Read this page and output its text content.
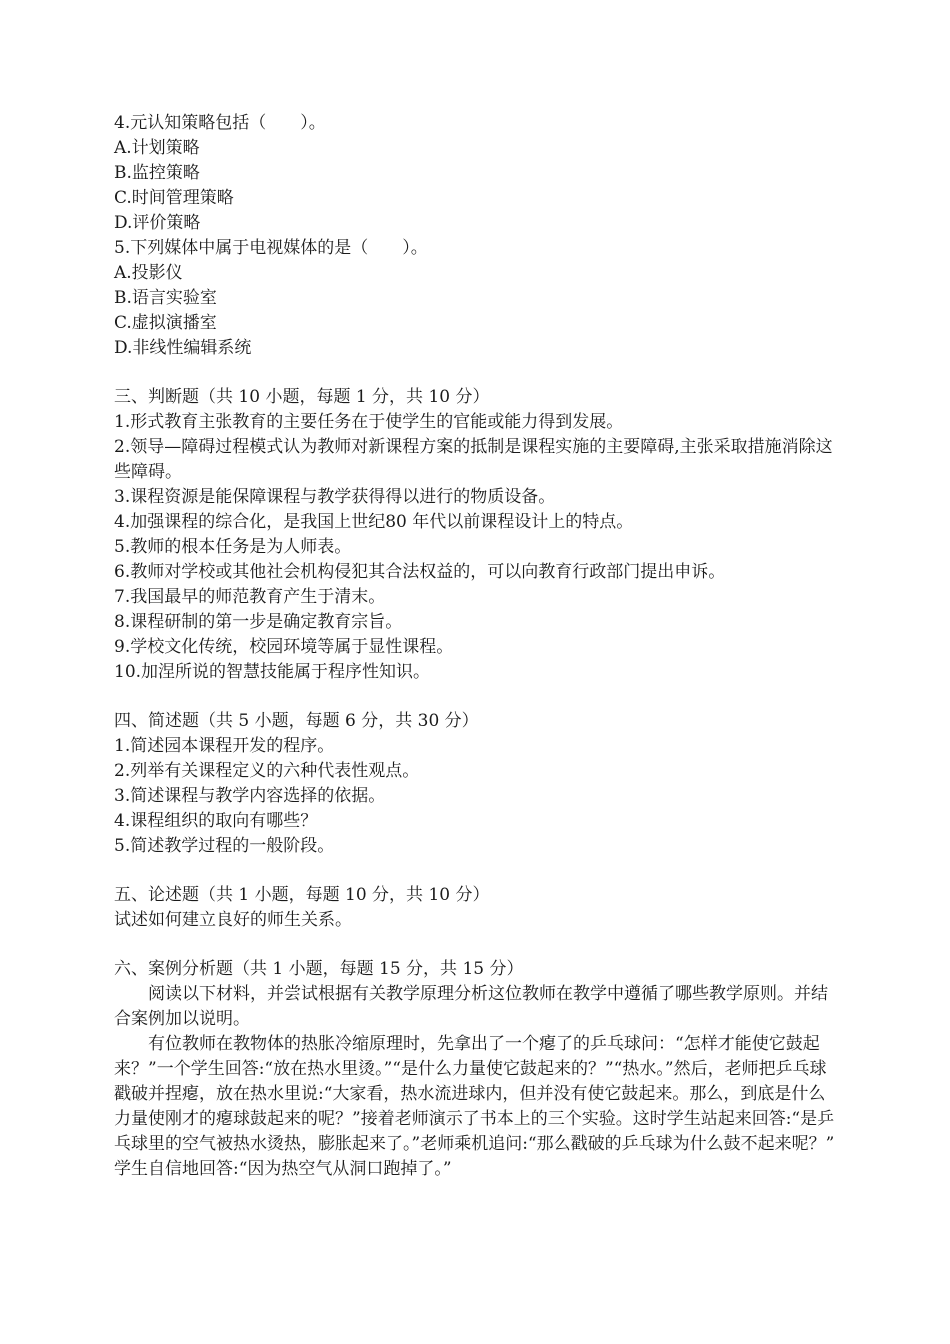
4.元认知策略包括（　　）。
A.计划策略
B.监控策略
C.时间管理策略
D.评价策略
5.下列媒体中属于电视媒体的是（　　）。
A.投影仪
B.语言实验室
C.虚拟演播室
D.非线性编辑系统
三、判断题（共 10 小题，每题 1 分，共 10 分）
1.形式教育主张教育的主要任务在于使学生的官能或能力得到发展。
2.领导—障碍过程模式认为教师对新课程方案的抵制是课程实施的主要障碍,主张采取措施消除这些障碍。
3.课程资源是能保障课程与教学获得得以进行的物质设备。
4.加强课程的综合化，是我国上世纪80 年代以前课程设计上的特点。
5.教师的根本任务是为人师表。
6.教师对学校或其他社会机构侵犯其合法权益的，可以向教育行政部门提出申诉。
7.我国最早的师范教育产生于清末。
8.课程研制的第一步是确定教育宗旨。
9.学校文化传统，校园环境等属于显性课程。
10.加涅所说的智慧技能属于程序性知识。
四、简述题（共 5 小题，每题 6 分，共 30 分）
1.简述园本课程开发的程序。
2.列举有关课程定义的六种代表性观点。
3.简述课程与教学内容选择的依据。
4.课程组织的取向有哪些？
5.简述教学过程的一般阶段。
五、论述题（共 1 小题，每题 10 分，共 10 分）
试述如何建立良好的师生关系。
六、案例分析题（共 1 小题，每题 15 分，共 15 分）
阅读以下材料，并尝试根据有关教学原理分析这位教师在教学中遵循了哪些教学原则。并结合案例加以说明。
有位教师在教物体的热胀冷缩原理时，先拿出了一个瘪了的乒乓球问：“怎样才能使它鼓起来？”一个学生回答:“放在热水里烫。”“是什么力量使它鼓起来的？”“热水。”然后，老师把乒乓球戳破并捏瘪，放在热水里说:“大家看，热水流进球内，但并没有使它鼓起来。那么，到底是什么力量使刚才的瘪球鼓起来的呢？”接着老师演示了书本上的三个实验。这时学生站起来回答:“是乒乓球里的空气被热水烫热，膨胀起来了。”老师乘机追问:“那么戳破的乒乓球为什么鼓不起来呢？” 学生自信地回答:“因为热空气从洞口跑掉了。”
